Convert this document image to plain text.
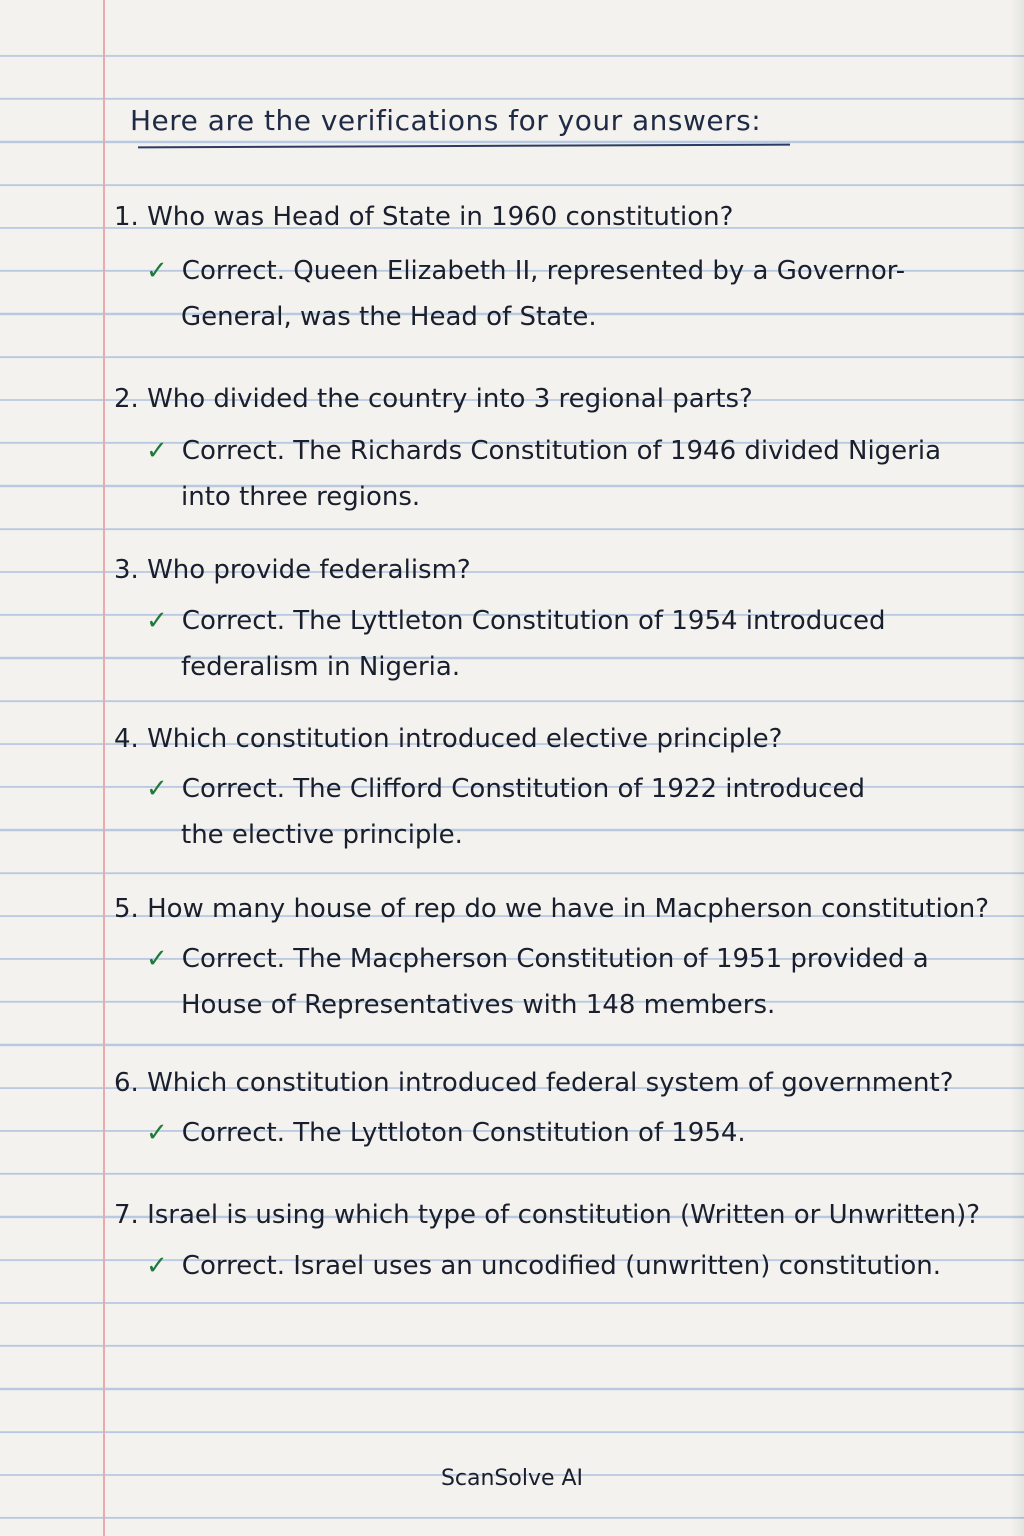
Here are the verifications for your answers:
1. Who was Head of State in 1960 constitution?
✓ Correct. Queen Elizabeth II, represented by a Governor-
General, was the Head of State.
2. Who divided the country into 3 regional parts?
✓ Correct. The Richards Constitution of 1946 divided Nigeria
into three regions.
3. Who provide federalism?
✓ Correct. The Lyttleton Constitution of 1954 introduced
federalism in Nigeria.
4. Which constitution introduced elective principle?
✓ Correct. The Clifford Constitution of 1922 introduced
the elective principle.
5. How many house of rep do we have in Macpherson constitution?
✓ Correct. The Macpherson Constitution of 1951 provided a
House of Representatives with 148 members.
6. Which constitution introduced federal system of government?
✓ Correct. The Lyttloton Constitution of 1954.
7. Israel is using which type of constitution (Written or Unwritten)?
✓ Correct. Israel uses an uncodified (unwritten) constitution.
ScanSolve AI
